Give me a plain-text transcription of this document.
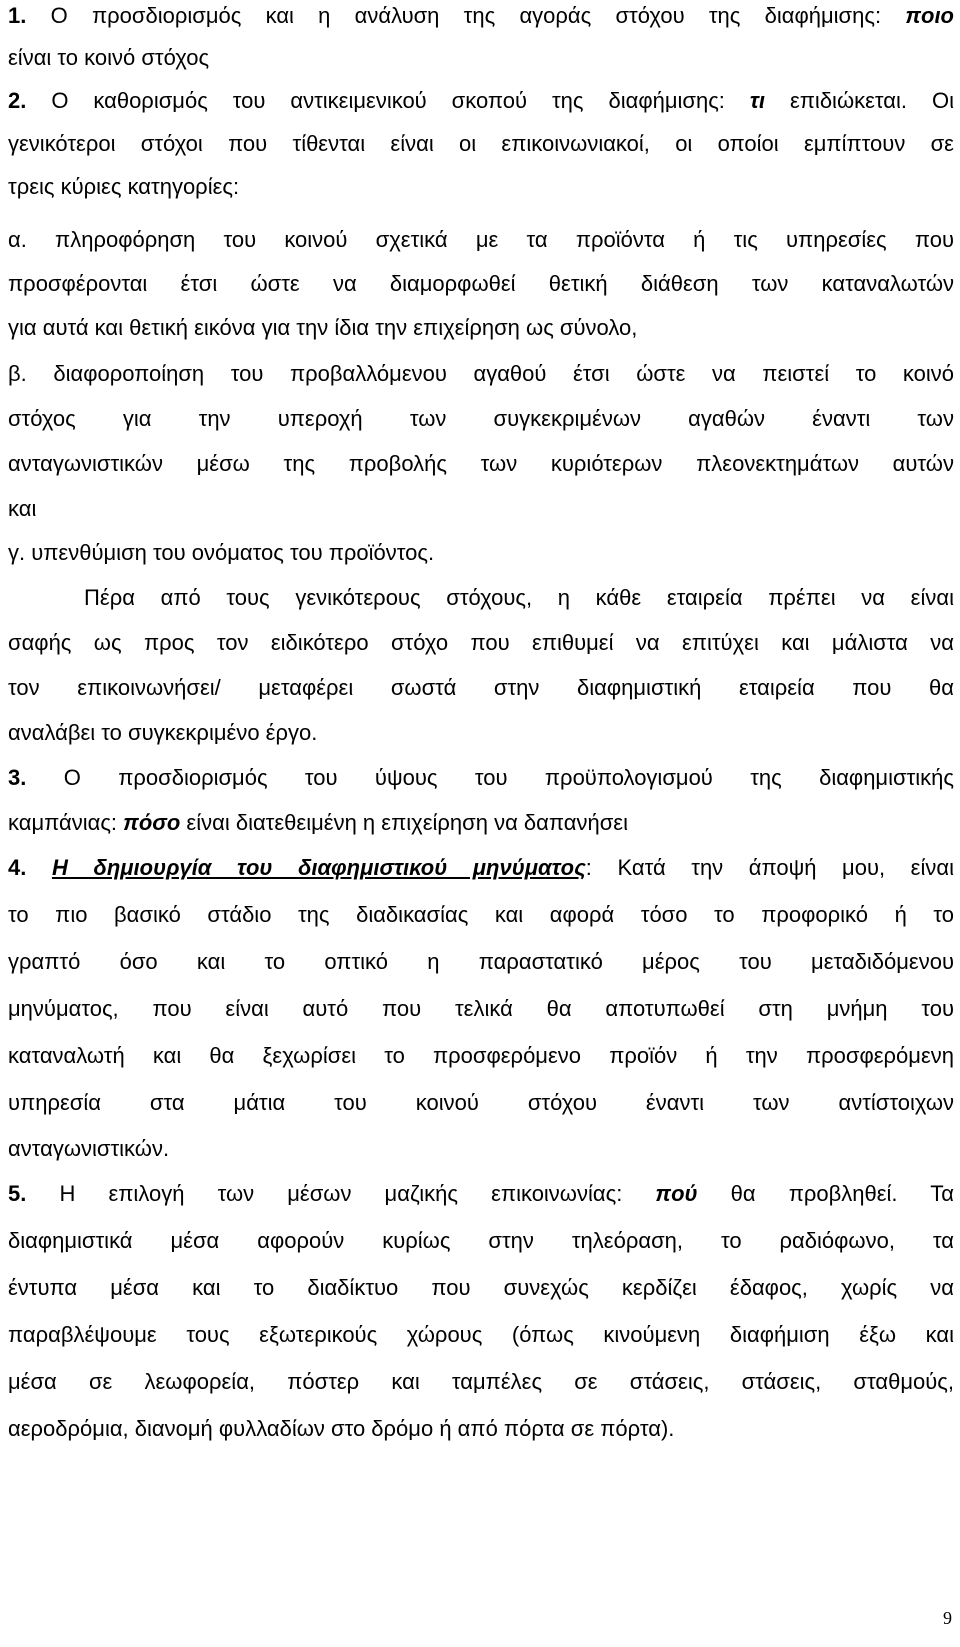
1. Ο προσδιορισμός και η ανάλυση της αγοράς στόχου της διαφήμισης: ποιο
είναι το κοινό στόχος
2. Ο καθορισμός του αντικειμενικού σκοπού της διαφήμισης: τι επιδιώκεται. Οι
γενικότεροι στόχοι που τίθενται είναι οι επικοινωνιακοί, οι οποίοι εμπίπτουν σε
τρεις κύριες κατηγορίες:
α. πληροφόρηση του κοινού σχετικά με τα προϊόντα ή τις υπηρεσίες που
προσφέρονται έτσι ώστε να διαμορφωθεί θετική διάθεση των καταναλωτών
για αυτά και θετική εικόνα για την ίδια την επιχείρηση ως σύνολο,
β. διαφοροποίηση του προβαλλόμενου αγαθού έτσι ώστε να πειστεί το κοινό
στόχος για την υπεροχή των συγκεκριμένων αγαθών έναντι των
ανταγωνιστικών μέσω της προβολής των κυριότερων πλεονεκτημάτων αυτών
και
γ. υπενθύμιση του ονόματος του προϊόντος.
Πέρα από τους γενικότερους στόχους, η κάθε εταιρεία πρέπει να είναι
σαφής ως προς τον ειδικότερο στόχο που επιθυμεί να επιτύχει και μάλιστα να
τον επικοινωνήσει/ μεταφέρει σωστά στην διαφημιστική εταιρεία που θα
αναλάβει το συγκεκριμένο έργο.
3. Ο προσδιορισμός του ύψους του προϋπολογισμού της διαφημιστικής
καμπάνιας: πόσο είναι διατεθειμένη η επιχείρηση να δαπανήσει
4. Η δημιουργία του διαφημιστικού μηνύματος: Κατά την άποψή μου, είναι
το πιο βασικό στάδιο της διαδικασίας και αφορά τόσο το προφορικό ή το
γραπτό όσο και το οπτικό η παραστατικό μέρος του μεταδιδόμενου
μηνύματος, που είναι αυτό που τελικά θα αποτυπωθεί στη μνήμη του
καταναλωτή και θα ξεχωρίσει το προσφερόμενο προϊόν ή την προσφερόμενη
υπηρεσία στα μάτια του κοινού στόχου έναντι των αντίστοιχων
ανταγωνιστικών.
5. Η επιλογή των μέσων μαζικής επικοινωνίας: πού θα προβληθεί. Τα
διαφημιστικά μέσα αφορούν κυρίως στην τηλεόραση, το ραδιόφωνο, τα
έντυπα μέσα και το διαδίκτυο που συνεχώς κερδίζει έδαφος, χωρίς να
παραβλέψουμε τους εξωτερικούς χώρους (όπως κινούμενη διαφήμιση έξω και
μέσα σε λεωφορεία, πόστερ και ταμπέλες σε στάσεις, στάσεις, σταθμούς,
αεροδρόμια, διανομή φυλλαδίων στο δρόμο ή από πόρτα σε πόρτα).
9
